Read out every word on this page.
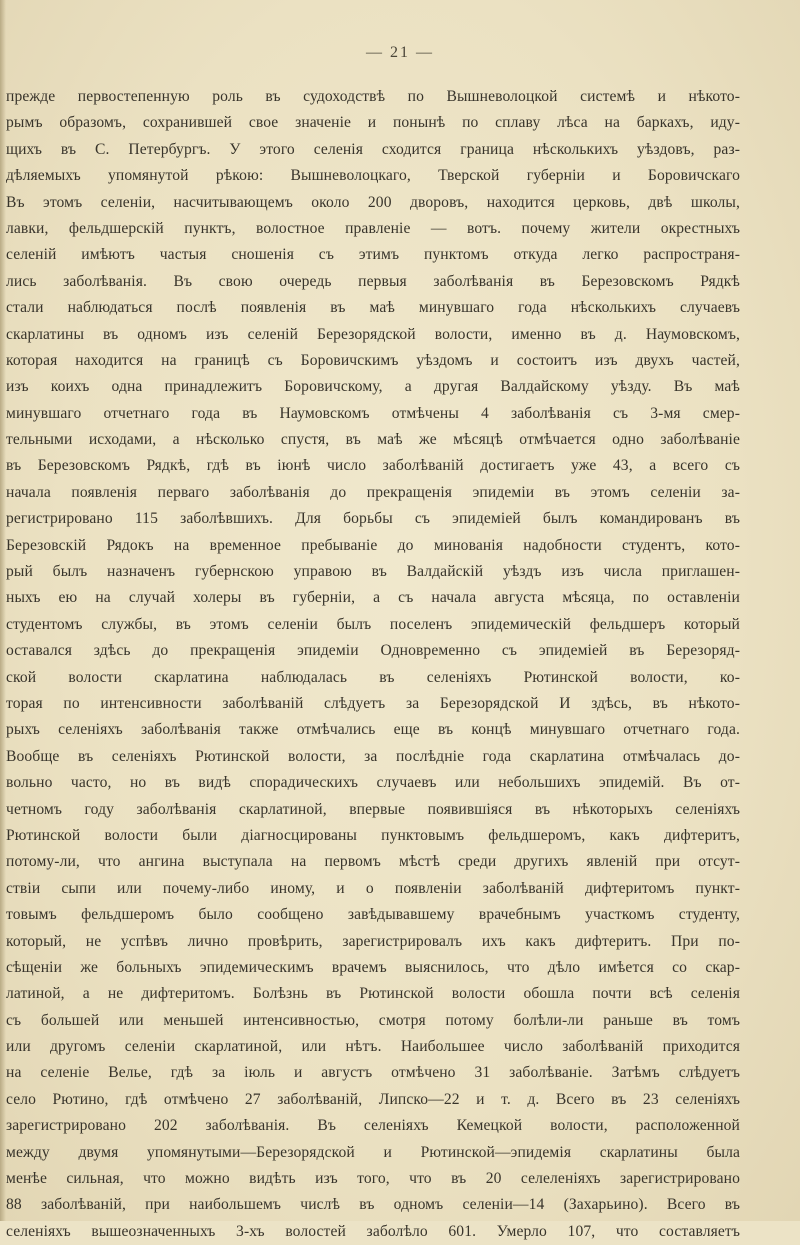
— 21 —
прежде первостепенную роль въ судоходствѣ по Вышневолоцкой системѣ и нѣкото-
рымъ образомъ, сохранившей свое значеніе и понынѣ по сплаву лѣса на баркахъ, иду-
щихъ въ С. Петербургъ. У этого селенія сходится граница нѣсколькихъ уѣздовъ, раз-
дѣляемыхъ упомянутой рѣкою: Вышневолоцкаго, Тверской губерніи и Боровичскаго
Въ этомъ селеніи, насчитывающемъ около 200 дворовъ, находится церковь, двѣ школы,
лавки, фельдшерскій пунктъ, волостное правленіе — вотъ. почему жители окрестныхъ
селеній имѣютъ частыя сношенія съ этимъ пунктомъ откуда легко распространя-
лись заболѣванія. Въ свою очередь первыя заболѣванія въ Березовскомъ Рядкѣ
стали наблюдаться послѣ появленія въ маѣ минувшаго года нѣсколькихъ случаевъ
скарлатины въ одномъ изъ селеній Березорядской волости, именно въ д. Наумовскомъ,
которая находится на границѣ съ Боровичскимъ уѣздомъ и состоитъ изъ двухъ частей,
изъ коихъ одна принадлежитъ Боровичскому, а другая Валдайскому уѣзду. Въ маѣ
минувшаго отчетнаго года въ Наумовскомъ отмѣчены 4 заболѣванія съ 3-мя смер-
тельными исходами, а нѣсколько спустя, въ маѣ же мѣсяцѣ отмѣчается одно заболѣваніе
въ Березовскомъ Рядкѣ, гдѣ въ іюнѣ число заболѣваній достигаетъ уже 43, а всего съ
начала появленія перваго заболѣванія до прекращенія эпидеміи въ этомъ селеніи за-
регистрировано 115 заболѣвшихъ. Для борьбы съ эпидеміей былъ командированъ въ
Березовскій Рядокъ на временное пребываніе до минованія надобности студентъ, кото-
рый былъ назначенъ губернскою управою въ Валдайскій уѣздъ изъ числа приглашен-
ныхъ ею на случай холеры въ губерніи, а съ начала августа мѣсяца, по оставленіи
студентомъ службы, въ этомъ селеніи былъ поселенъ эпидемическій фельдшеръ который
оставался здѣсь до прекращенія эпидеміи Одновременно съ эпидеміей въ Березоряд-
ской волости скарлатина наблюдалась въ селеніяхъ Рютинской волости, ко-
торая по интенсивности заболѣваній слѣдуетъ за Березорядской И здѣсь, въ нѣкото-
рыхъ селеніяхъ заболѣванія также отмѣчались еще въ концѣ минувшаго отчетнаго года.
Вообще въ селеніяхъ Рютинской волости, за послѣдніе года скарлатина отмѣчалась до-
вольно часто, но въ видѣ спорадическихъ случаевъ или небольшихъ эпидемій. Въ от-
четномъ году заболѣванія скарлатиной, впервые появившіяся въ нѣкоторыхъ селеніяхъ
Рютинской волости были діагносцированы пунктовымъ фельдшеромъ, какъ дифтеритъ,
потому-ли, что ангина выступала на первомъ мѣстѣ среди другихъ явленій при отсут-
ствіи сыпи или почему-либо иному, и о появленіи заболѣваній дифтеритомъ пункт-
товымъ фельдшеромъ было сообщено завѣдывавшему врачебнымъ участкомъ студенту,
который, не успѣвъ лично провѣрить, зарегистрировалъ ихъ какъ дифтеритъ. При по-
сѣщеніи же больныхъ эпидемическимъ врачемъ выяснилось, что дѣло имѣется со скар-
латиной, а не дифтеритомъ. Болѣзнь въ Рютинской волости обошла почти всѣ селенія
съ большей или меньшей интенсивностью, смотря потому болѣли-ли раньше въ томъ
или другомъ селеніи скарлатиной, или нѣтъ. Наибольшее число заболѣваній приходится
на селеніе Велье, гдѣ за іюль и августъ отмѣчено 31 заболѣваніе. Затѣмъ слѣдуетъ
село Рютино, гдѣ отмѣчено 27 заболѣваній, Липско—22 и т. д. Всего въ 23 селеніяхъ
зарегистрировано 202 заболѣванія. Въ селеніяхъ Кемецкой волости, расположенной
между двумя упомянутыми—Березорядской и Рютинской—эпидемія скарлатины была
менѣе сильная, что можно видѣть изъ того, что въ 20 селеленіяхъ зарегистрировано
88 заболѣваній, при наибольшемъ числѣ въ одномъ селеніи—14 (Захарьино). Всего въ
селеніяхъ вышеозначенныхъ 3-хъ волостей заболѣло 601. Умерло 107, что составляетъ
